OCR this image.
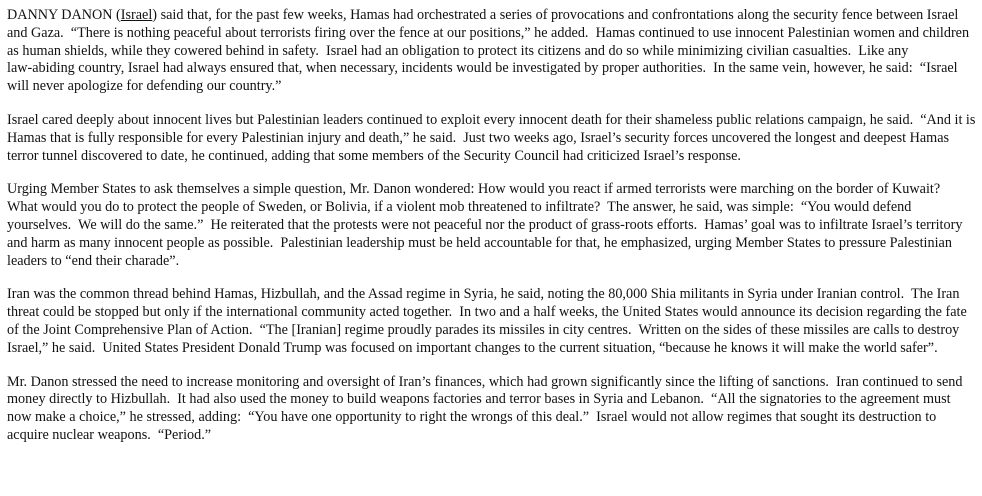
DANNY DANON (Israel) said that, for the past few weeks, Hamas had orchestrated a series of provocations and confrontations along the security fence between Israel and Gaza.  “There is nothing peaceful about terrorists firing over the fence at our positions,” he added.  Hamas continued to use innocent Palestinian women and children as human shields, while they cowered behind in safety.  Israel had an obligation to protect its citizens and do so while minimizing civilian casualties.  Like any law‑abiding country, Israel had always ensured that, when necessary, incidents would be investigated by proper authorities.  In the same vein, however, he said:  “Israel will never apologize for defending our country.”

Israel cared deeply about innocent lives but Palestinian leaders continued to exploit every innocent death for their shameless public relations campaign, he said.  “And it is Hamas that is fully responsible for every Palestinian injury and death,” he said.  Just two weeks ago, Israel’s security forces uncovered the longest and deepest Hamas terror tunnel discovered to date, he continued, adding that some members of the Security Council had criticized Israel’s response.

Urging Member States to ask themselves a simple question, Mr. Danon wondered: How would you react if armed terrorists were marching on the border of Kuwait?  What would you do to protect the people of Sweden, or Bolivia, if a violent mob threatened to infiltrate?  The answer, he said, was simple:  “You would defend yourselves.  We will do the same.”  He reiterated that the protests were not peaceful nor the product of grass‑roots efforts.  Hamas’ goal was to infiltrate Israel’s territory and harm as many innocent people as possible.  Palestinian leadership must be held accountable for that, he emphasized, urging Member States to pressure Palestinian leaders to “end their charade”.

Iran was the common thread behind Hamas, Hizbullah, and the Assad regime in Syria, he said, noting the 80,000 Shia militants in Syria under Iranian control.  The Iran threat could be stopped but only if the international community acted together.  In two and a half weeks, the United States would announce its decision regarding the fate of the Joint Comprehensive Plan of Action.  “The [Iranian] regime proudly parades its missiles in city centres.  Written on the sides of these missiles are calls to destroy Israel,” he said.  United States President Donald Trump was focused on important changes to the current situation, “because he knows it will make the world safer”.

Mr. Danon stressed the need to increase monitoring and oversight of Iran’s finances, which had grown significantly since the lifting of sanctions.  Iran continued to send money directly to Hizbullah.  It had also used the money to build weapons factories and terror bases in Syria and Lebanon.  “All the signatories to the agreement must now make a choice,” he stressed, adding:  “You have one opportunity to right the wrongs of this deal.”  Israel would not allow regimes that sought its destruction to acquire nuclear weapons.  “Period.”
